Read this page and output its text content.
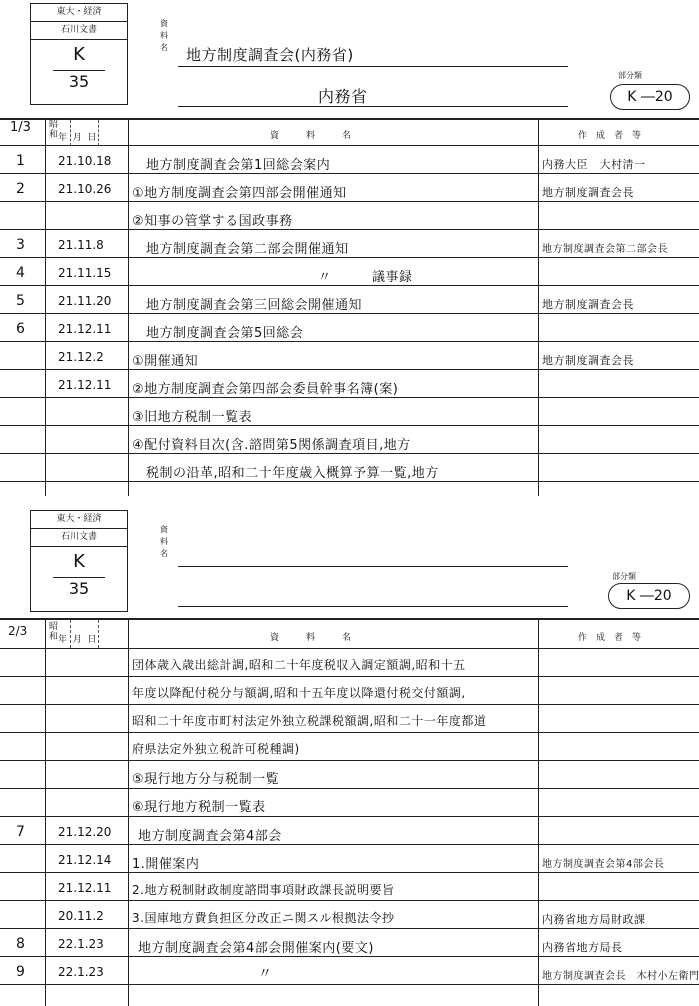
東大・経済
石川文書
K
35
資
料
名 地方制度調査会(内務省)
内務省
部分類
K ―20
1/3 昭和 年  月  日	資　　　料　　　名	作　成　者　等
1	21.10.18	地方制度調査会第1回総会案内	内務大臣　大村清一
2	21.10.26 ①地方制度調査会第四部会開催通知	地方制度調査会長
②知事の管掌する国政事務
3	21.11.8	地方制度調査会第二部会開催通知	地方制度調査会第二部会長
4	21.11.15	〃　　　議事録
5	21.11.20	地方制度調査会第三回総会開催通知	地方制度調査会長
6	21.12.11	地方制度調査会第5回総会
21.12.2 ①開催通知	地方制度調査会長
21.12.11 ②地方制度調査会第四部会委員幹事名簿(案)
③旧地方税制一覧表
④配付資料目次(含.諮問第5関係調査項目,地方
税制の沿革,昭和二十年度歳入概算予算一覧,地方
東大・経済
石川文書
K
35
資
料
名
部分類
K ―20
2/3 昭和 年  月  日	資　　　料　　　名	作　成　者　等
団体歳入歳出総計調,昭和二十年度税収入調定額調,昭和十五
年度以降配付税分与額調,昭和十五年度以降還付税交付額調,
昭和二十年度市町村法定外独立税課税額調,昭和二十一年度都道
府県法定外独立税許可税種調)
⑤現行地方分与税制一覧
⑥現行地方税制一覧表
7	21.12.20 地方制度調査会第4部会
21.12.14 1.開催案内	地方制度調査会第4部会長
21.12.11 2.地方税制財政制度諮問事項財政課長説明要旨
20.11.2 3.国庫地方費負担区分改正ニ関スル根拠法令抄	内務省地方局財政課
8	22.1.23	地方制度調査会第4部会開催案内(要文)	内務省地方局長
9	22.1.23	〃	地方制度調査会長　木村小左衛門
